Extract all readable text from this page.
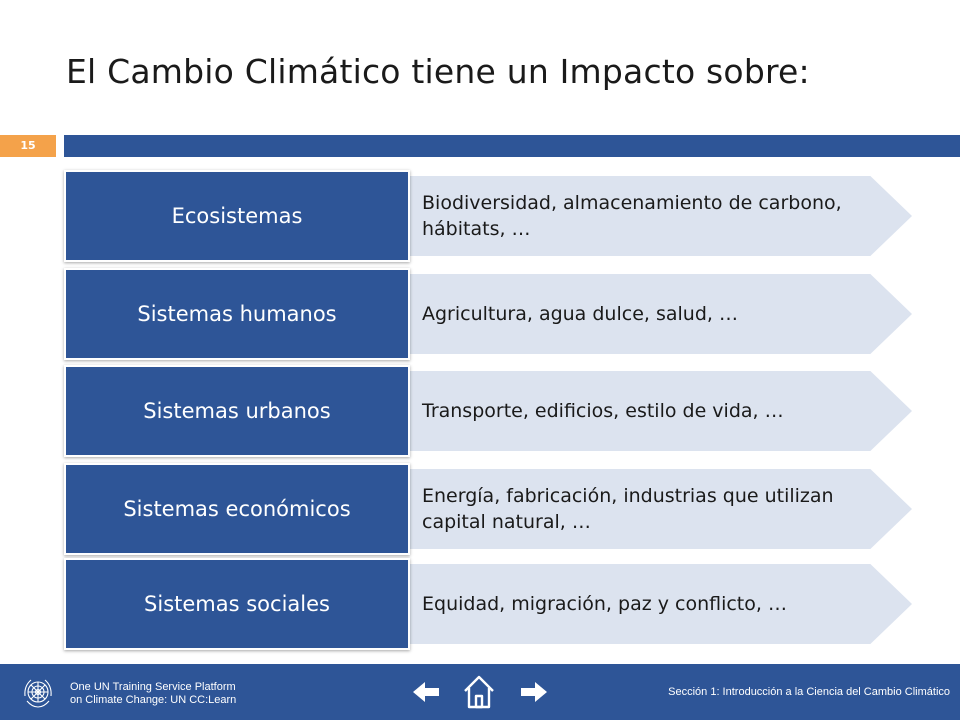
El Cambio Climático tiene un Impacto sobre:
15
Biodiversidad, almacenamiento de carbono, hábitats, …
Ecosistemas
Agricultura, agua dulce, salud, …
Sistemas humanos
Transporte, edificios, estilo de vida, …
Sistemas urbanos
Energía, fabricación, industrias que utilizan capital natural, …
Sistemas económicos
Equidad, migración, paz y conflicto, …
Sistemas sociales
One UN Training Service Platform
on Climate Change: UN CC:Learn
Sección 1: Introducción a la Ciencia del Cambio Climático
